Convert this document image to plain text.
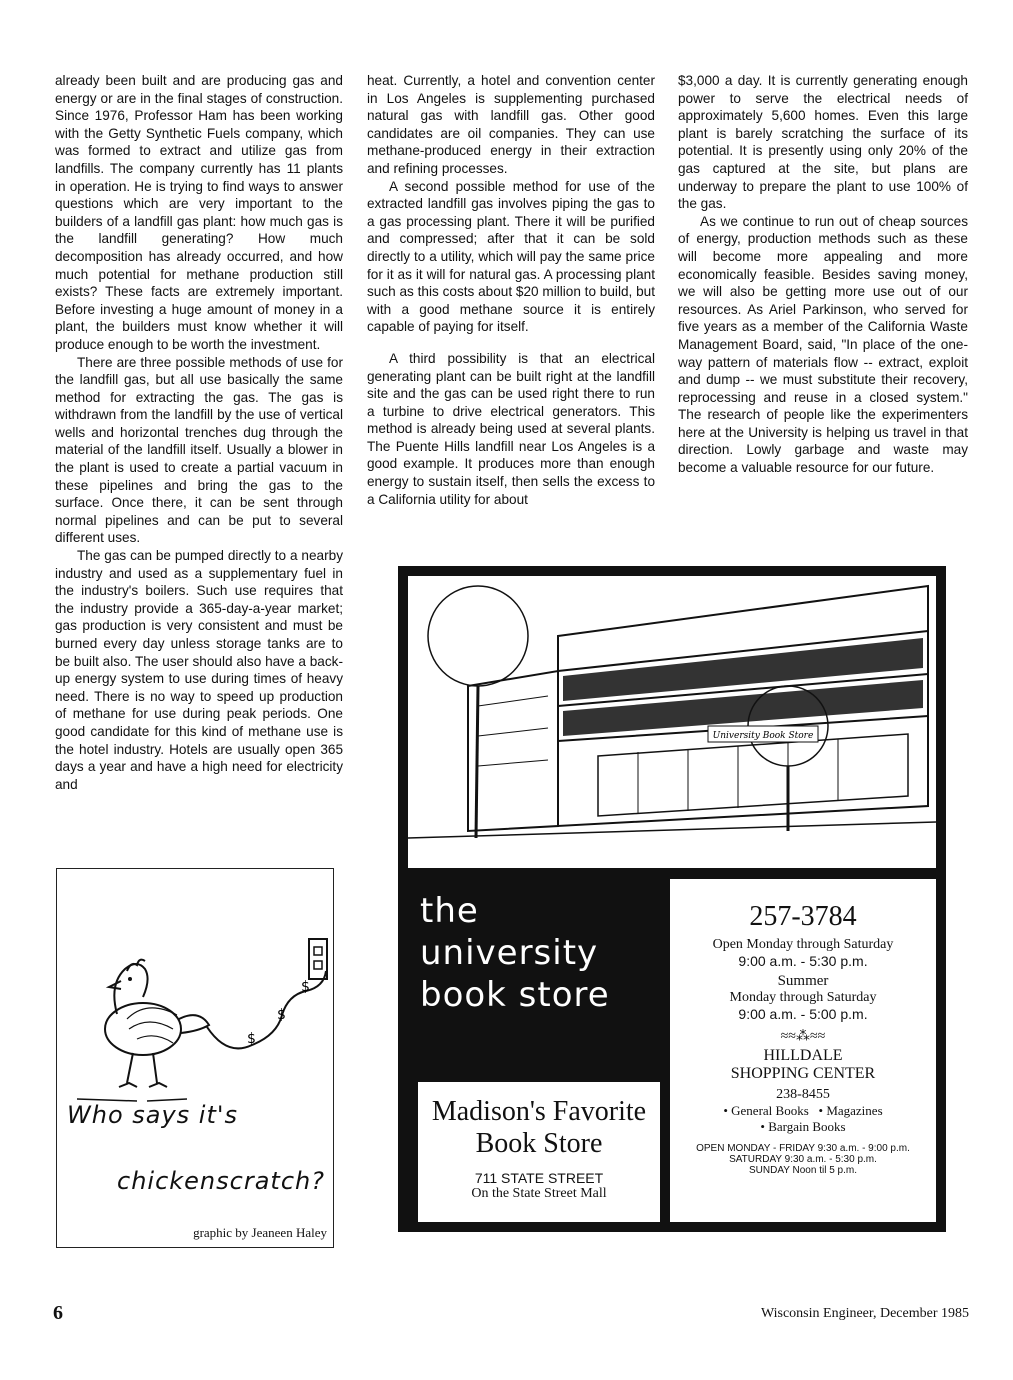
already been built and are producing gas and energy or are in the final stages of construction. Since 1976, Professor Ham has been working with the Getty Synthetic Fuels company, which was formed to extract and utilize gas from landfills. The company currently has 11 plants in operation. He is trying to find ways to answer questions which are very important to the builders of a landfill gas plant: how much gas is the landfill generating? How much decomposition has already occurred, and how much potential for methane production still exists? These facts are extremely important. Before investing a huge amount of money in a plant, the builders must know whether it will produce enough to be worth the investment.

There are three possible methods of use for the landfill gas, but all use basically the same method for extracting the gas. The gas is withdrawn from the landfill by the use of vertical wells and horizontal trenches dug through the material of the landfill itself. Usually a blower in the plant is used to create a partial vacuum in these pipelines and bring the gas to the surface. Once there, it can be sent through normal pipelines and can be put to several different uses.

The gas can be pumped directly to a nearby industry and used as a supplementary fuel in the industry's boilers. Such use requires that the industry provide a 365-day-a-year market; gas production is very consistent and must be burned every day unless storage tanks are to be built also. The user should also have a back-up energy system to use during times of heavy need. There is no way to speed up production of methane for use during peak periods. One good candidate for this kind of methane use is the hotel industry. Hotels are usually open 365 days a year and have a high need for electricity and

heat. Currently, a hotel and convention center in Los Angeles is supplementing purchased natural gas with landfill gas. Other good candidates are oil companies. They can use methane-produced energy in their extraction and refining processes.

A second possible method for use of the extracted landfill gas involves piping the gas to a gas processing plant. There it will be purified and compressed; after that it can be sold directly to a utility, which will pay the same price for it as it will for natural gas. A processing plant such as this costs about $20 million to build, but with a good methane source it is entirely capable of paying for itself.

A third possibility is that an electrical generating plant can be built right at the landfill site and the gas can be used right there to run a turbine to drive electrical generators. This method is already being used at several plants. The Puente Hills landfill near Los Angeles is a good example. It produces more than enough energy to sustain itself, then sells the excess to a California utility for about

$3,000 a day. It is currently generating enough power to serve the electrical needs of approximately 5,600 homes. Even this large plant is barely scratching the surface of its potential. It is presently using only 20% of the gas captured at the site, but plans are underway to prepare the plant to use 100% of the gas.

As we continue to run out of cheap sources of energy, production methods such as these will become more appealing and more economically feasible. Besides saving money, we will also be getting more use out of our resources. As Ariel Parkinson, who served for five years as a member of the California Waste Management Board, said, "In place of the one-way pattern of materials flow -- extract, exploit and dump -- we must substitute their recovery, reprocessing and reuse in a closed system." The research of people like the experimenters here at the University is helping us travel in that direction. Lowly garbage and waste may become a valuable resource for our future.

$
$
$
Who says it's
chickenscratch?
graphic by Jeaneen Haley
University Book Store
the
university
book store
Madison's Favorite
Book Store
711 STATE STREET
On the State Street Mall
257-3784
Open Monday through Saturday
9:00 a.m. - 5:30 p.m.
Summer
Monday through Saturday
9:00 a.m. - 5:00 p.m.
≈≈⁂≈≈
HILLDALE
SHOPPING CENTER
238-8455
• General Books   • Magazines
• Bargain Books
OPEN MONDAY - FRIDAY 9:30 a.m. - 9:00 p.m.
SATURDAY 9:30 a.m. - 5:30 p.m.
SUNDAY Noon til 5 p.m.
6	Wisconsin Engineer, December 1985
